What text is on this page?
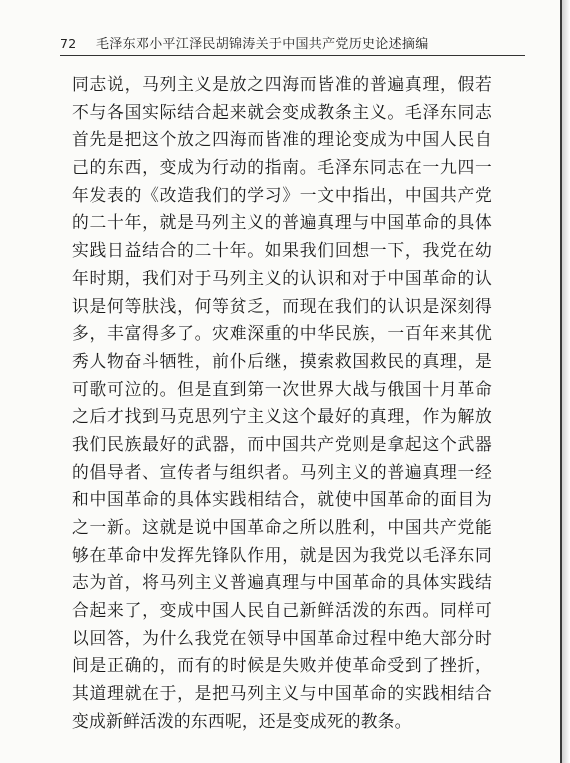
72 毛泽东邓小平江泽民胡锦涛关于中国共产党历史论述摘编
同志说，马列主义是放之四海而皆准的普遍真理，假若
不与各国实际结合起来就会变成教条主义。毛泽东同志
首先是把这个放之四海而皆准的理论变成为中国人民自
己的东西，变成为行动的指南。毛泽东同志在一九四一
年发表的《改造我们的学习》一文中指出，中国共产党
的二十年，就是马列主义的普遍真理与中国革命的具体
实践日益结合的二十年。如果我们回想一下，我党在幼
年时期，我们对于马列主义的认识和对于中国革命的认
识是何等肤浅，何等贫乏，而现在我们的认识是深刻得
多，丰富得多了。灾难深重的中华民族，一百年来其优
秀人物奋斗牺牲，前仆后继，摸索救国救民的真理，是
可歌可泣的。但是直到第一次世界大战与俄国十月革命
之后才找到马克思列宁主义这个最好的真理，作为解放
我们民族最好的武器，而中国共产党则是拿起这个武器
的倡导者、宣传者与组织者。马列主义的普遍真理一经
和中国革命的具体实践相结合，就使中国革命的面目为
之一新。这就是说中国革命之所以胜利，中国共产党能
够在革命中发挥先锋队作用，就是因为我党以毛泽东同
志为首，将马列主义普遍真理与中国革命的具体实践结
合起来了，变成中国人民自己新鲜活泼的东西。同样可
以回答，为什么我党在领导中国革命过程中绝大部分时
间是正确的，而有的时候是失败并使革命受到了挫折，
其道理就在于，是把马列主义与中国革命的实践相结合
变成新鲜活泼的东西呢，还是变成死的教条。
